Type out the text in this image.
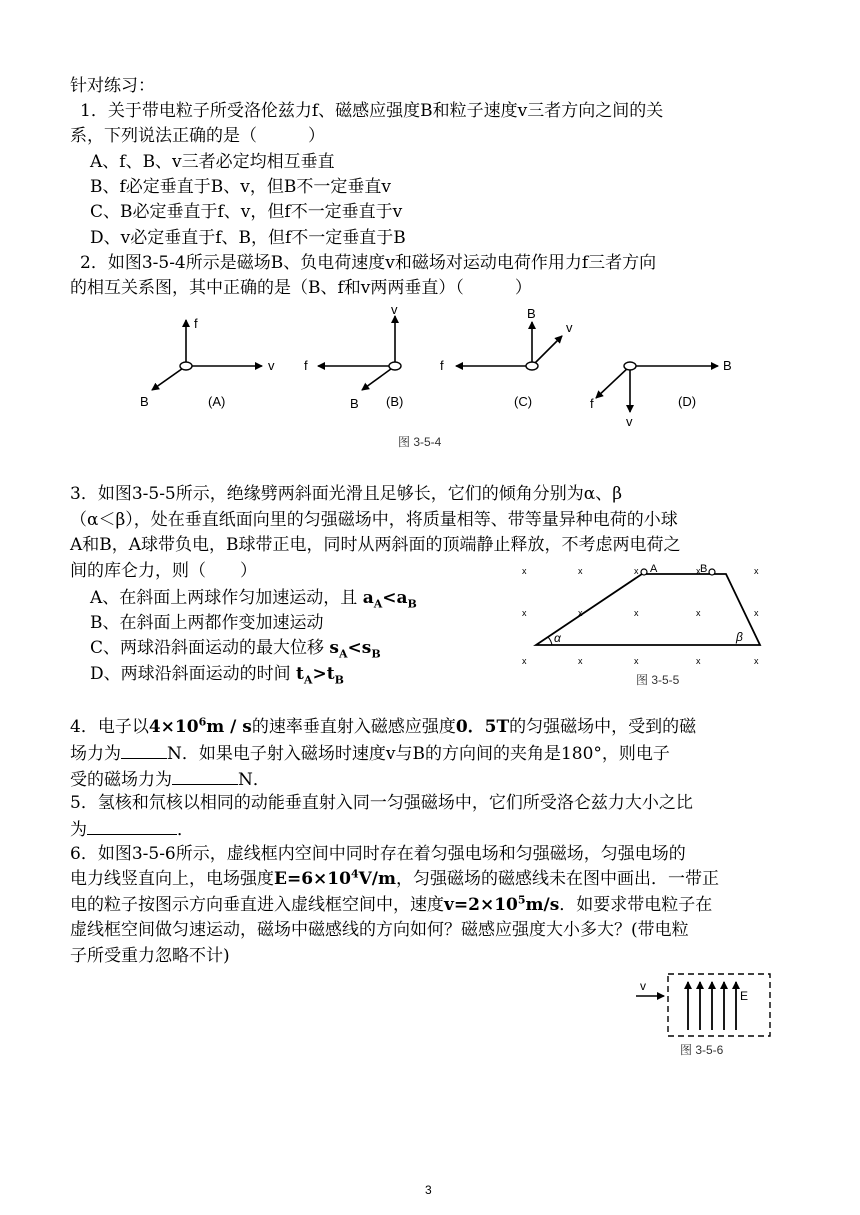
针对练习：
1．关于带电粒子所受洛伦兹力f、磁感应强度B和粒子速度v三者方向之间的关
系，下列说法正确的是（　　　）
A、f、B、v三者必定均相互垂直
B、f必定垂直于B、v，但B不一定垂直v
C、B必定垂直于f、v，但f不一定垂直于v
D、v必定垂直于f、B，但f不一定垂直于B
2．如图3-5-4所示是磁场B、负电荷速度v和磁场对运动电荷作用力f三者方向
的相互关系图，其中正确的是（B、f和v两两垂直）（　　　）
f
v
B	(A)
v
f
B (B)
B
v
f
(C)
B
f
v
(D)
图 3-5-4
3．如图3-5-5所示，绝缘劈两斜面光滑且足够长，它们的倾角分别为α、β
（α＜β），处在垂直纸面向里的匀强磁场中，将质量相等、带等量异种电荷的小球
A和B，A球带负电，B球带正电，同时从两斜面的顶端静止释放，不考虑两电荷之
间的库仑力，则（　　）
A、在斜面上两球作匀加速运动，且 $a_A<a_B$
B、在斜面上两都作变加速运动
C、两球沿斜面运动的最大位移 $s_A<s_B$
D、两球沿斜面运动的时间 $t_A>t_B$
x	x	x	x	x
x	x	x	x	x
x	x	x	x	x
A	B
α	β
图 3-5-5
4．电子以$4\times 10^6m / s$的速率垂直射入磁感应强度0．5T的匀强磁场中，受到的磁
场力为	N．如果电子射入磁场时速度v与B的方向间的夹角是180°，则电子
受的磁场力为	N．
5．氢核和氘核以相同的动能垂直射入同一匀强磁场中，它们所受洛仑兹力大小之比
为	．
6．如图3-5-6所示，虚线框内空间中同时存在着匀强电场和匀强磁场，匀强电场的
电力线竖直向上，电场强度$E=6\times 10^4V/m$，匀强磁场的磁感线未在图中画出．一带正
电的粒子按图示方向垂直进入虚线框空间中，速度$v=2\times 10^5m/s$．如要求带电粒子在
虚线框空间做匀速运动，磁场中磁感线的方向如何？磁感应强度大小多大？(带电粒
子所受重力忽略不计)
v
E
图 3-5-6
3
